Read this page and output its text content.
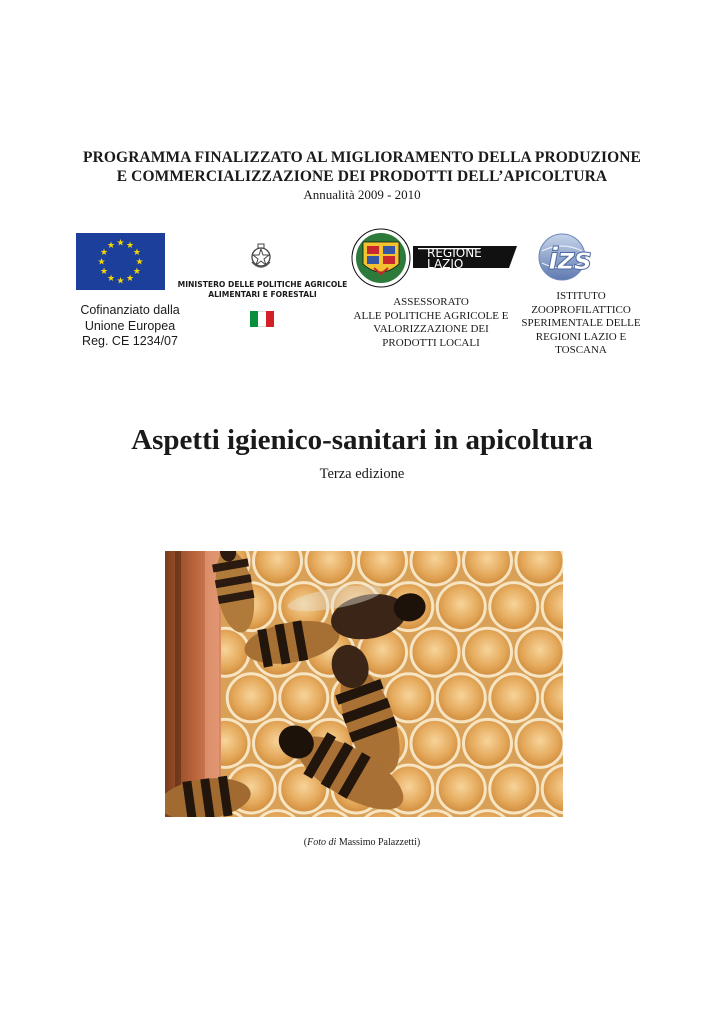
PROGRAMMA FINALIZZATO AL MIGLIORAMENTO DELLA PRODUZIONE
E COMMERCIALIZZAZIONE DEI PRODOTTI DELL’APICOLTURA
Annualità 2009 - 2010
★ ★
★
★
★
★
★
★
★
★
★
★
Cofinanziato dalla
Unione Europea
Reg. CE 1234/07
MINISTERO DELLE POLITICHE AGRICOLE
ALIMENTARI E FORESTALI
REGIONE
LAZIO
ASSESSORATO
ALLE POLITICHE AGRICOLE E
VALORIZZAZIONE DEI
PRODOTTI LOCALI
izs
ISTITUTO
ZOOPROFILATTICO
SPERIMENTALE DELLE
REGIONI LAZIO E
TOSCANA
Aspetti igienico-sanitari in apicoltura
Terza edizione
(Foto di Massimo Palazzetti)
